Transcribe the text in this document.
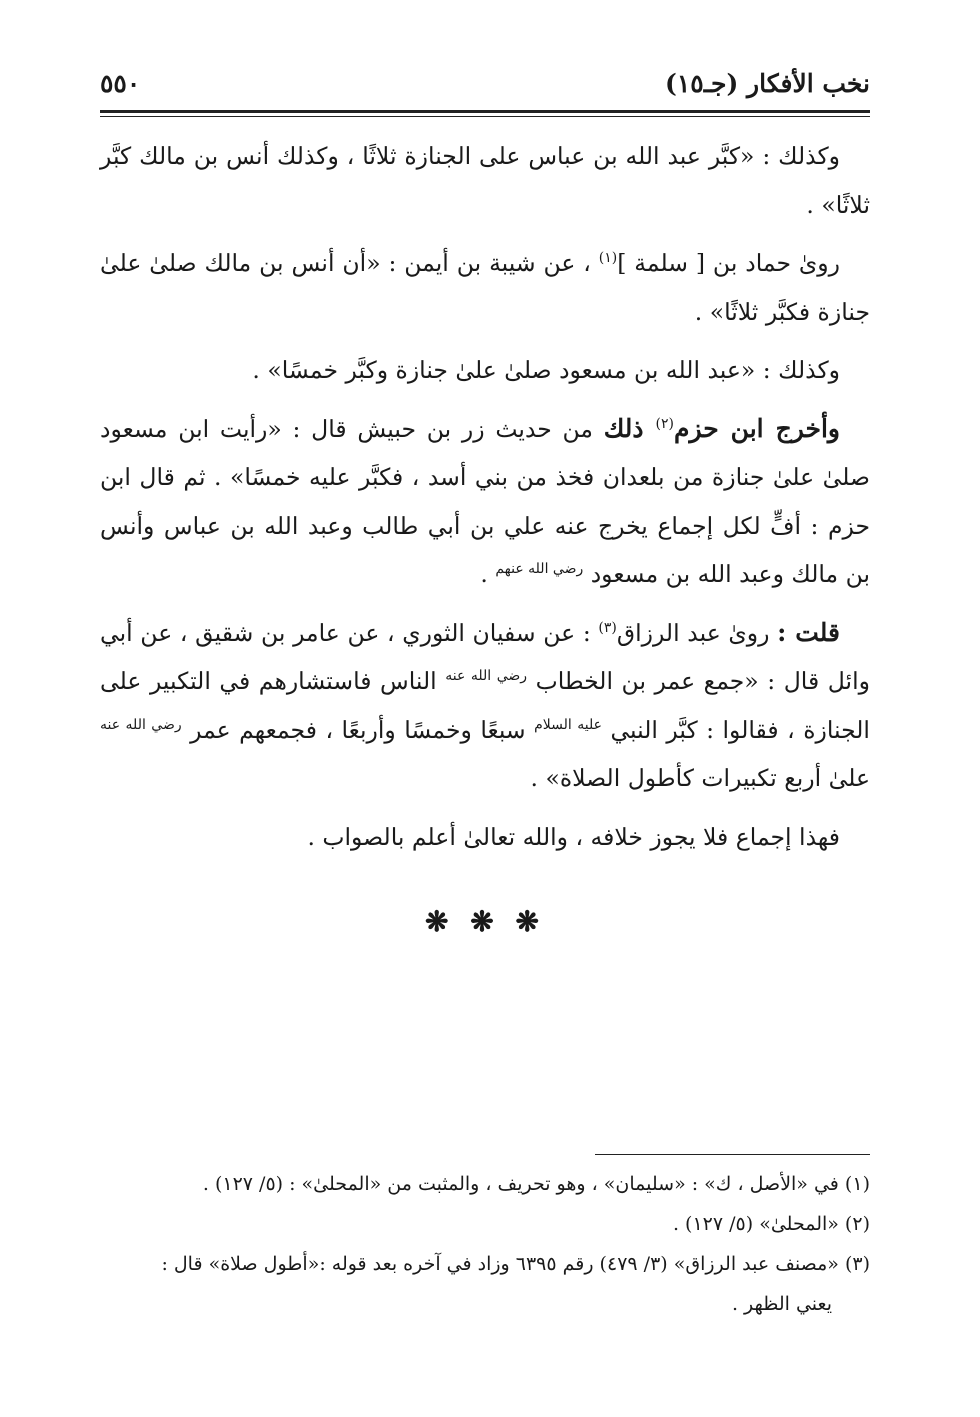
نخب الأفكار (جـ١٥)
٥٥٠

وكذلك : «كبَّر عبد الله بن عباس على الجنازة ثلاثًا ، وكذلك أنس بن مالك كبَّر ثلاثًا» .

روىٰ حماد بن [ سلمة ]$^{(١)}$ ، عن شيبة بن أيمن : «أن أنس بن مالك صلىٰ علىٰ جنازة فكبَّر ثلاثًا» .

وكذلك : «عبد الله بن مسعود صلىٰ علىٰ جنازة وكبَّر خمسًا» .

وأخرج ابن حزم$^{(٢)}$ ذلك من حديث زر بن حبيش قال : «رأيت ابن مسعود صلىٰ علىٰ جنازة من بلعدان فخذ من بني أسد ، فكبَّر عليه خمسًا» . ثم قال ابن حزم : أفٍّ لكل إجماع يخرج عنه علي بن أبي طالب وعبد الله بن عباس وأنس بن مالك وعبد الله بن مسعود $^{رضي الله عنهم}$ .

قلت : روىٰ عبد الرزاق$^{(٣)}$ : عن سفيان الثوري ، عن عامر بن شقيق ، عن أبي وائل قال : «جمع عمر بن الخطاب $^{رضي الله عنه}$ الناس فاستشارهم في التكبير على الجنازة ، فقالوا : كبَّر النبي $^{عليه السلام}$ سبعًا وخمسًا وأربعًا ، فجمعهم عمر $^{رضي الله عنه}$ علىٰ أربع تكبيرات كأطول الصلاة» .

فهذا إجماع فلا يجوز خلافه ، والله تعالىٰ أعلم بالصواب .

❋ ❋ ❋

(١) في «الأصل ، ك» : «سليمان» ، وهو تحريف ، والمثبت من «المحلىٰ» : (٥/ ١٢٧) .

(٢) «المحلىٰ» (٥/ ١٢٧) .

(٣) «مصنف عبد الرزاق» (٣/ ٤٧٩) رقم ٦٣٩٥ وزاد في آخره بعد قوله :«أطول صلاة» قال :

يعني الظهر .
